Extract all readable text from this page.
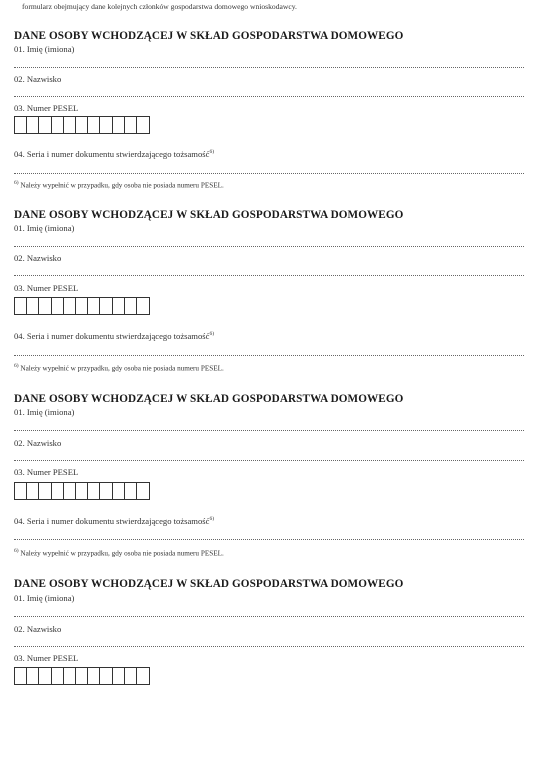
formularz obejmujący dane kolejnych członków gospodarstwa domowego wnioskodawcy.
DANE OSOBY WCHODZĄCEJ W SKŁAD GOSPODARSTWA DOMOWEGO
01. Imię (imiona)
02. Nazwisko
03. Numer PESEL
04. Seria i numer dokumentu stwierdzającego tożsamość$^{6)}$
$^{6)}$ Należy wypełnić w przypadku, gdy osoba nie posiada numeru PESEL.
DANE OSOBY WCHODZĄCEJ W SKŁAD GOSPODARSTWA DOMOWEGO
01. Imię (imiona)
02. Nazwisko
03. Numer PESEL
04. Seria i numer dokumentu stwierdzającego tożsamość$^{6)}$
$^{6)}$ Należy wypełnić w przypadku, gdy osoba nie posiada numeru PESEL.
DANE OSOBY WCHODZĄCEJ W SKŁAD GOSPODARSTWA DOMOWEGO
01. Imię (imiona)
02. Nazwisko
03. Numer PESEL
04. Seria i numer dokumentu stwierdzającego tożsamość$^{6)}$
$^{6)}$ Należy wypełnić w przypadku, gdy osoba nie posiada numeru PESEL.
DANE OSOBY WCHODZĄCEJ W SKŁAD GOSPODARSTWA DOMOWEGO
01. Imię (imiona)
02. Nazwisko
03. Numer PESEL
